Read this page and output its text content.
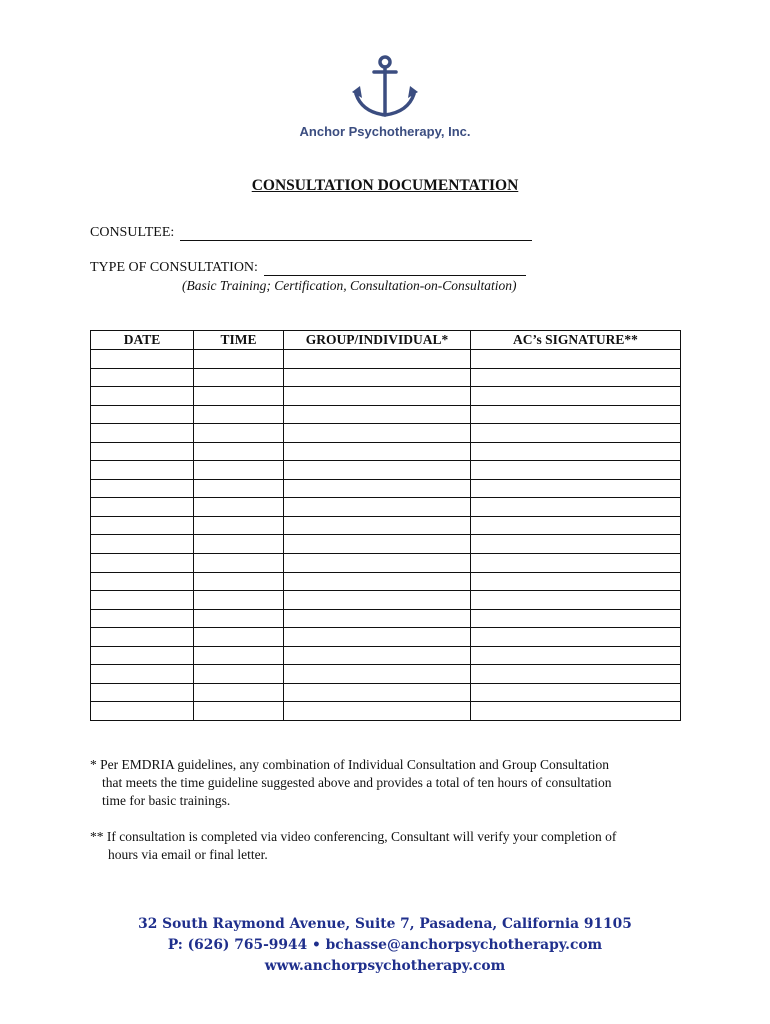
Anchor Psychotherapy, Inc.
CONSULTATION DOCUMENTATION
CONSULTEE:
TYPE OF CONSULTATION:
(Basic Training; Certification, Consultation-on-Consultation)
DATE	TIME	GROUP/INDIVIDUAL*	AC’s SIGNATURE**

* Per EMDRIA guidelines, any combination of Individual Consultation and Group Consultation
that meets the time guideline suggested above and provides a total of ten hours of consultation
time for basic trainings.
** If consultation is completed via video conferencing, Consultant will verify your completion of
hours via email or final letter.
32 South Raymond Avenue, Suite 7, Pasadena, California 91105
P: (626) 765-9944 • bchasse@anchorpsychotherapy.com
www.anchorpsychotherapy.com
